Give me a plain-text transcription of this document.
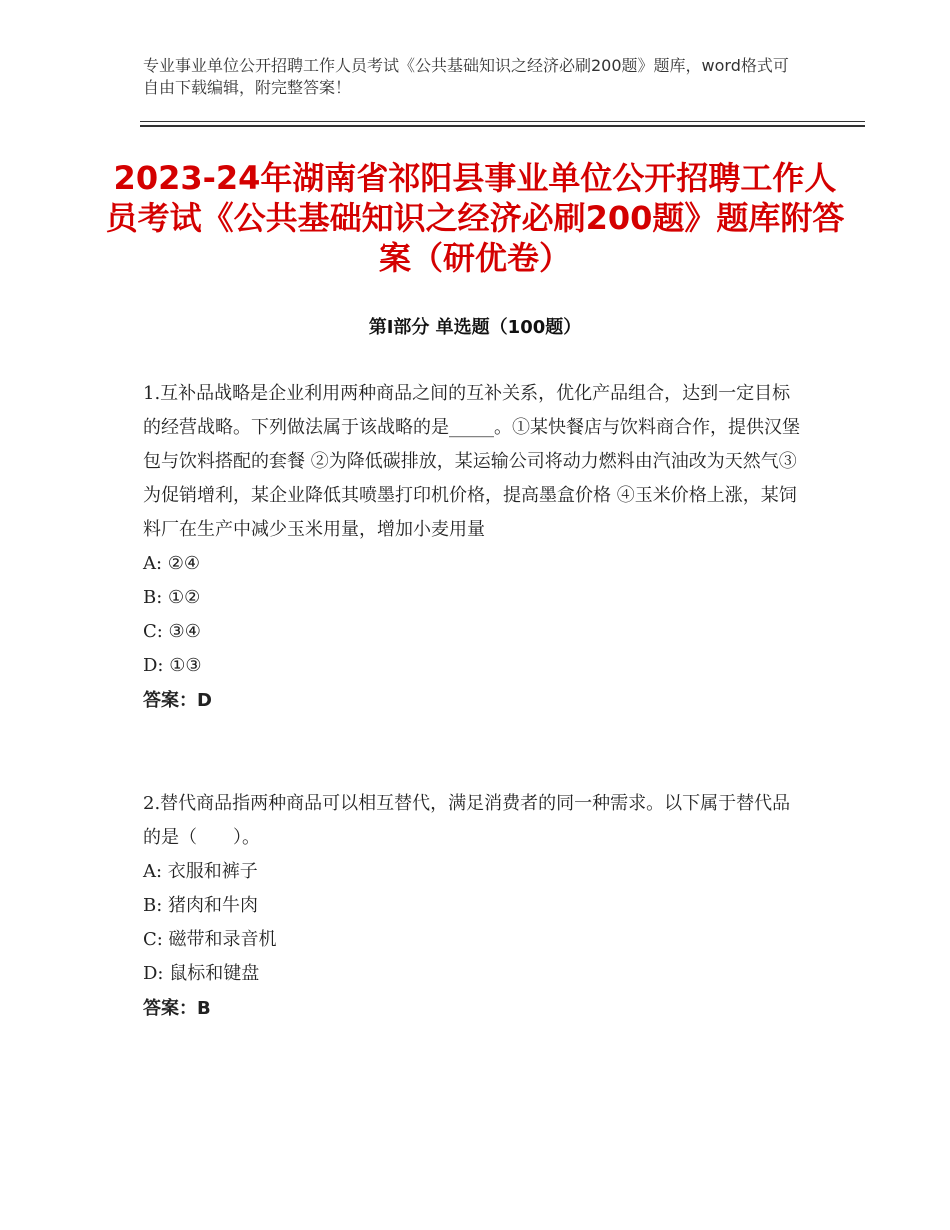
专业事业单位公开招聘工作人员考试《公共基础知识之经济必刷200题》题库，word格式可自由下载编辑，附完整答案！
2023-24年湖南省祁阳县事业单位公开招聘工作人员考试《公共基础知识之经济必刷200题》题库附答案（研优卷）
第Ⅰ部分 单选题（100题）
1.互补品战略是企业利用两种商品之间的互补关系，优化产品组合，达到一定目标的经营战略。下列做法属于该战略的是_____。①某快餐店与饮料商合作，提供汉堡包与饮料搭配的套餐 ②为降低碳排放，某运输公司将动力燃料由汽油改为天然气③为促销增利，某企业降低其喷墨打印机价格，提高墨盒价格 ④玉米价格上涨，某饲料厂在生产中减少玉米用量，增加小麦用量
A: ②④
B: ①②
C: ③④
D: ①③
答案：D
2.替代商品指两种商品可以相互替代，满足消费者的同一种需求。以下属于替代品的是（　　）。
A: 衣服和裤子
B: 猪肉和牛肉
C: 磁带和录音机
D: 鼠标和键盘
答案：B
